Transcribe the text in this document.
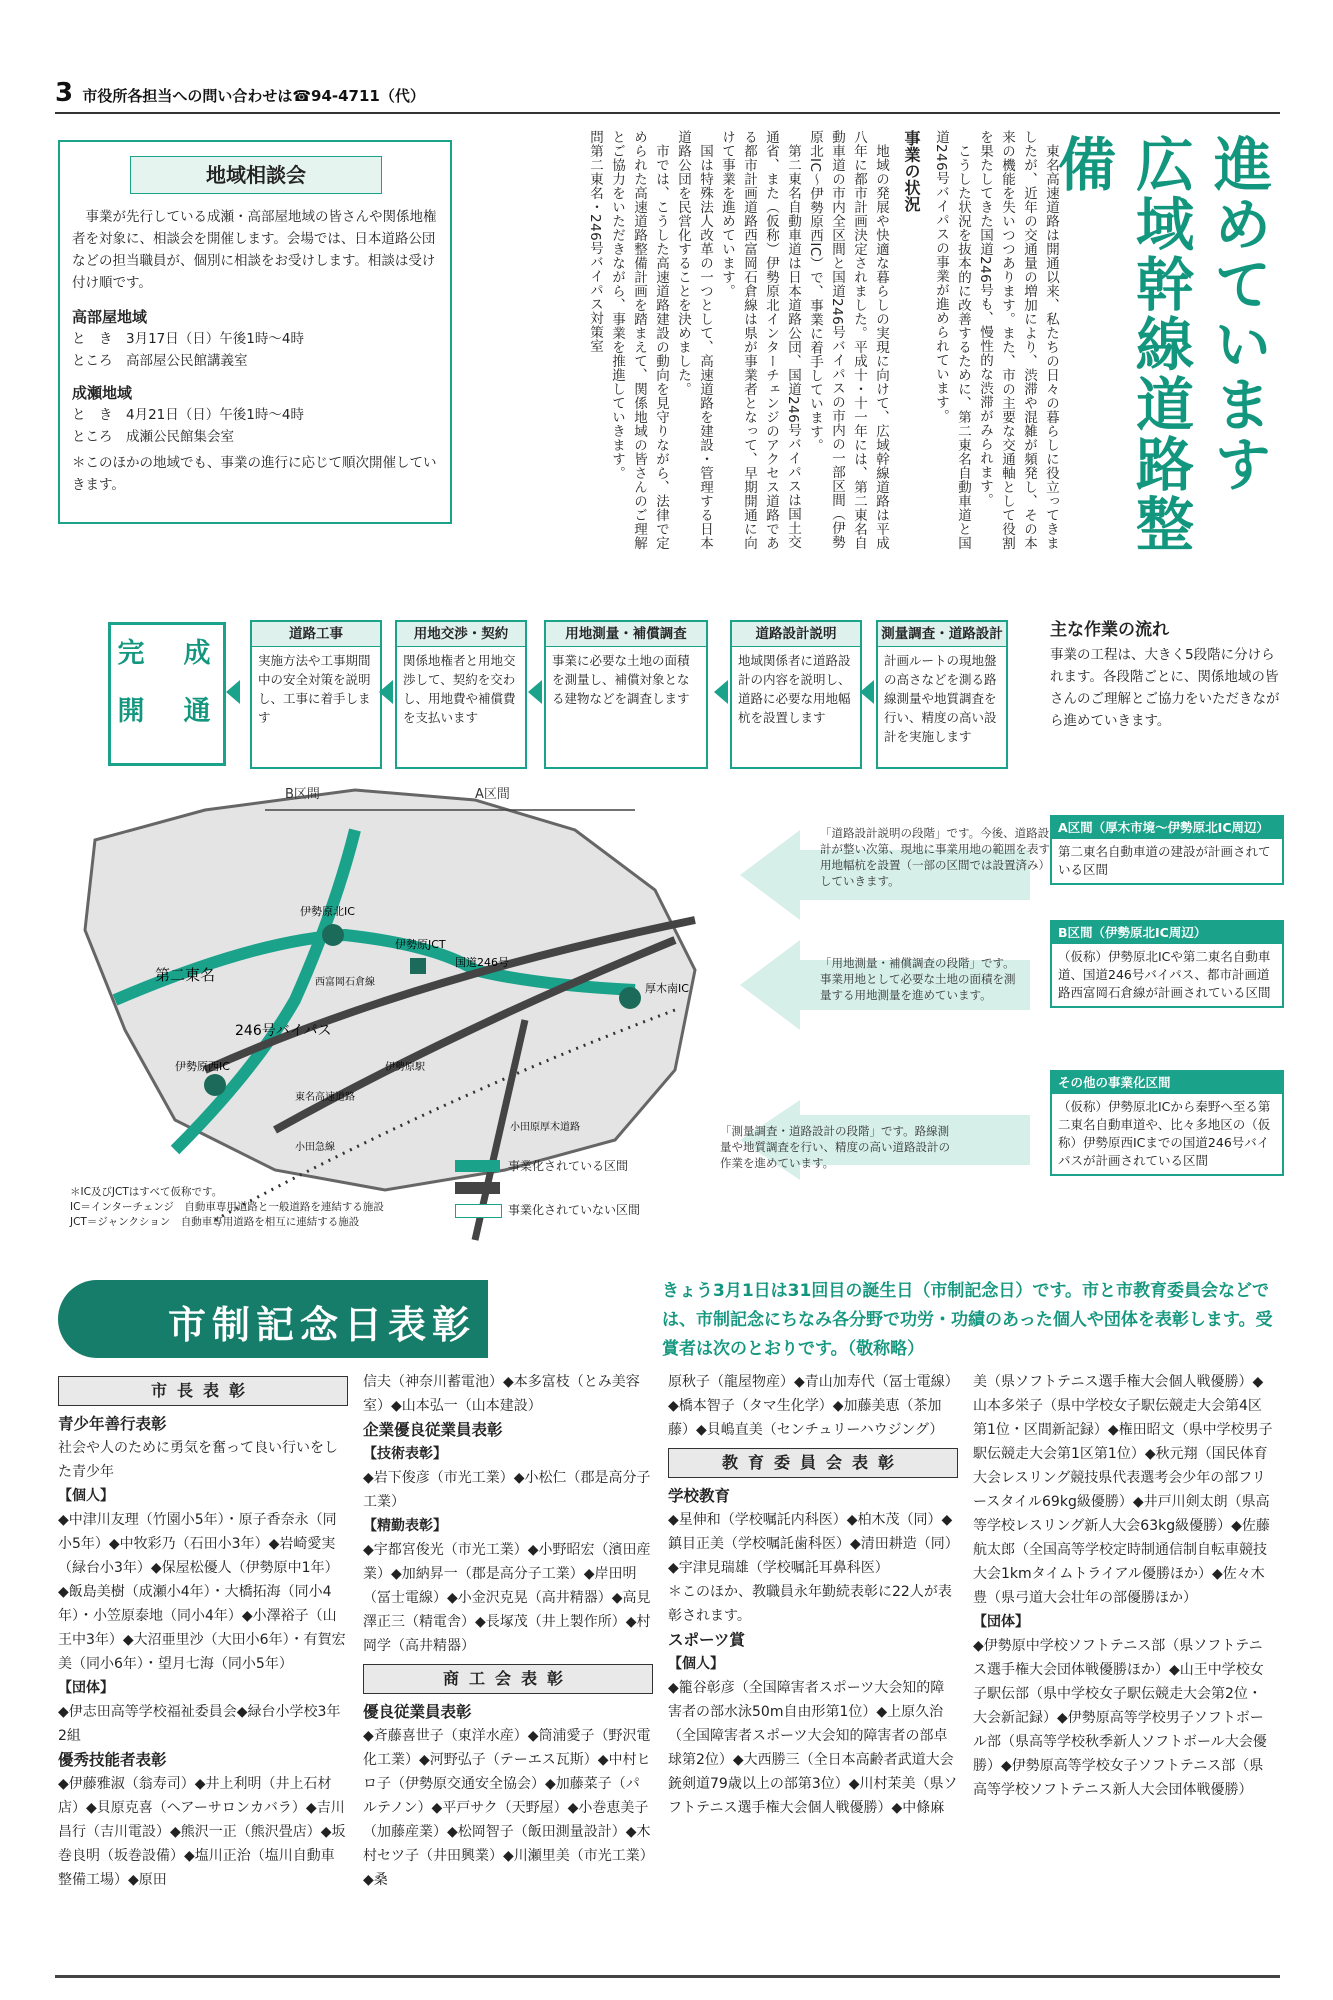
3 市役所各担当への問い合わせは☎94-4711（代）
地域相談会
事業が先行している成瀬・高部屋地域の皆さんや関係地権者を対象に、相談会を開催します。会場では、日本道路公団などの担当職員が、個別に相談をお受けします。相談は受け付け順です。
高部屋地域
と　き　3月17日（日）午後1時～4時
ところ　高部屋公民館講義室
成瀬地域
と　き　4月21日（日）午後1時～4時
ところ　成瀬公民館集会室
＊このほかの地域でも、事業の進行に応じて順次開催していきます。	東名高速道路は開通以来、私たちの日々の暮らしに役立ってきましたが、近年の交通量の増加により、渋滞や混雑が頻発し、その本来の機能を失いつつあります。また、市の主要な交通軸として役割を果たしてきた国道246号も、慢性的な渋滞がみられます。

こうした状況を抜本的に改善するために、第二東名自動車道と国道246号バイパスの事業が進められています。

事業の状況

地域の発展や快適な暮らしの実現に向けて、広域幹線道路は平成八年に都市計画決定されました。平成十・十一年には、第二東名自動車道の市内全区間と国道246号バイパスの市内の一部区間（伊勢原北IC～伊勢原西IC）で、事業に着手しています。

第二東名自動車道は日本道路公団、国道246号バイパスは国土交通省、また（仮称）伊勢原北インターチェンジのアクセス道路である都市計画道路西富岡石倉線は県が事業者となって、早期開通に向けて事業を進めています。

国は特殊法人改革の一つとして、高速道路を建設・管理する日本道路公団を民営化することを決めました。

市では、こうした高速道路建設の動向を見守りながら、法律で定められた高速道路整備計画を踏まえて、関係地域の皆さんのご理解とご協力をいただきながら、事業を推進していきます。

問第二東名・246号バイパス対策室	進めています 広域幹線道路整備
主な作業の流れ
事業の工程は、大きく5段階に分けられます。各段階ごとに、関係地域の皆さんのご理解とご協力をいただきながら進めていきます。
完　成
開　通
測量調査・道路設計
計画ルートの現地盤の高さなどを測る路線測量や地質調査を行い、精度の高い設計を実施します
道路設計説明
地域関係者に道路設計の内容を説明し、道路に必要な用地幅杭を設置します
用地測量・補償調査
事業に必要な土地の面積を測量し、補償対象となる建物などを調査します
用地交渉・契約
関係地権者と用地交渉して、契約を交わし、用地費や補償費を支払います
道路工事
実施方法や工事期間中の安全対策を説明し、工事に着手します
B区間	A区間
伊勢原北IC
伊勢原JCT
厚木南IC
伊勢原西IC
第二東名
246号バイパス
国道246号
西富岡石倉線
東名高速道路
小田急線
伊勢原駅
小田原厚木道路
事業化されている区間
事業化されていない区間
＊IC及びJCTはすべて仮称です。
IC＝インターチェンジ　自動車専用道路と一般道路を連結する施設
JCT＝ジャンクション　自動車専用道路を相互に連結する施設
「道路設計説明の段階」です。今後、道路設計が整い次第、現地に事業用地の範囲を表す用地幅杭を設置（一部の区間では設置済み）していきます。
「用地測量・補償調査の段階」です。事業用地として必要な土地の面積を測量する用地測量を進めています。
「測量調査・道路設計の段階」です。路線測量や地質調査を行い、精度の高い道路設計の作業を進めています。
A区間（厚木市境～伊勢原北IC周辺）
第二東名自動車道の建設が計画されている区間
B区間（伊勢原北IC周辺）
（仮称）伊勢原北ICや第二東名自動車道、国道246号バイパス、都市計画道路西富岡石倉線が計画されている区間
その他の事業化区間
（仮称）伊勢原北ICから秦野へ至る第二東名自動車道や、比々多地区の（仮称）伊勢原西ICまでの国道246号バイパスが計画されている区間
市制記念日表彰
きょう3月1日は31回目の誕生日（市制記念日）です。市と市教育委員会などでは、市制記念にちなみ各分野で功労・功績のあった個人や団体を表彰します。受賞者は次のとおりです。（敬称略）
市長表彰
青少年善行表彰
社会や人のために勇気を奮って良い行いをした青少年
【個人】
◆中津川友理（竹園小5年）・原子香奈永（同小5年）◆中牧彩乃（石田小3年）◆岩崎愛実（緑台小3年）◆保屋松優人（伊勢原中1年）◆飯島美樹（成瀬小4年）・大橋拓海（同小4年）・小笠原泰地（同小4年）◆小澤裕子（山王中3年）◆大沼亜里沙（大田小6年）・有賀宏美（同小6年）・望月七海（同小5年）
【団体】
◆伊志田高等学校福祉委員会◆緑台小学校3年2組
優秀技能者表彰
◆伊藤雅淑（翁寿司）◆井上利明（井上石材店）◆貝原克喜（ヘアーサロンカバラ）◆吉川昌行（吉川電設）◆熊沢一正（熊沢畳店）◆坂巻良明（坂巻設備）◆塩川正治（塩川自動車整備工場）◆原田
信夫（神奈川蓄電池）◆本多富枝（とみ美容室）◆山本弘一（山本建設）
企業優良従業員表彰
【技術表彰】
◆岩下俊彦（市光工業）◆小松仁（郡是高分子工業）
【精勤表彰】
◆宇都宮俊光（市光工業）◆小野昭宏（濱田産業）◆加納昇一（郡是高分子工業）◆岸田明（冨士電線）◆小金沢克晃（高井精器）◆高見澤正三（精電舎）◆長塚茂（井上製作所）◆村岡学（高井精器）
商工会表彰
優良従業員表彰
◆斉藤喜世子（東洋水産）◆筒浦愛子（野沢電化工業）◆河野弘子（テーエス瓦斯）◆中村ヒロ子（伊勢原交通安全協会）◆加藤菜子（パルテノン）◆平戸サク（天野屋）◆小巻恵美子（加藤産業）◆松岡智子（飯田測量設計）◆木村セツ子（井田興業）◆川瀬里美（市光工業）◆桑
原秋子（龍屋物産）◆青山加寿代（冨士電線）◆橋本智子（タマ生化学）◆加藤美恵（茶加藤）◆貝嶋直美（センチュリーハウジング）
教育委員会表彰
学校教育
◆星伸和（学校嘱託内科医）◆柏木茂（同）◆鎮目正美（学校嘱託歯科医）◆清田耕造（同）◆宇津見瑞雄（学校嘱託耳鼻科医）
＊このほか、教職員永年勤続表彰に22人が表彰されます。
スポーツ賞
【個人】
◆籠谷彰彦（全国障害者スポーツ大会知的障害者の部水泳50m自由形第1位）◆上原久治（全国障害者スポーツ大会知的障害者の部卓球第2位）◆大西勝三（全日本高齢者武道大会銃剣道79歳以上の部第3位）◆川村茉美（県ソフトテニス選手権大会個人戦優勝）◆中條麻
美（県ソフトテニス選手権大会個人戦優勝）◆山本多栄子（県中学校女子駅伝競走大会第4区第1位・区間新記録）◆権田昭文（県中学校男子駅伝競走大会第1区第1位）◆秋元翔（国民体育大会レスリング競技県代表選考会少年の部フリースタイル69kg級優勝）◆井戸川剣太朗（県高等学校レスリング新人大会63kg級優勝）◆佐藤航太郎（全国高等学校定時制通信制自転車競技大会1kmタイムトライアル優勝ほか）◆佐々木豊（県弓道大会壮年の部優勝ほか）
【団体】
◆伊勢原中学校ソフトテニス部（県ソフトテニス選手権大会団体戦優勝ほか）◆山王中学校女子駅伝部（県中学校女子駅伝競走大会第2位・大会新記録）◆伊勢原高等学校男子ソフトボール部（県高等学校秋季新人ソフトボール大会優勝）◆伊勢原高等学校女子ソフトテニス部（県高等学校ソフトテニス新人大会団体戦優勝）
